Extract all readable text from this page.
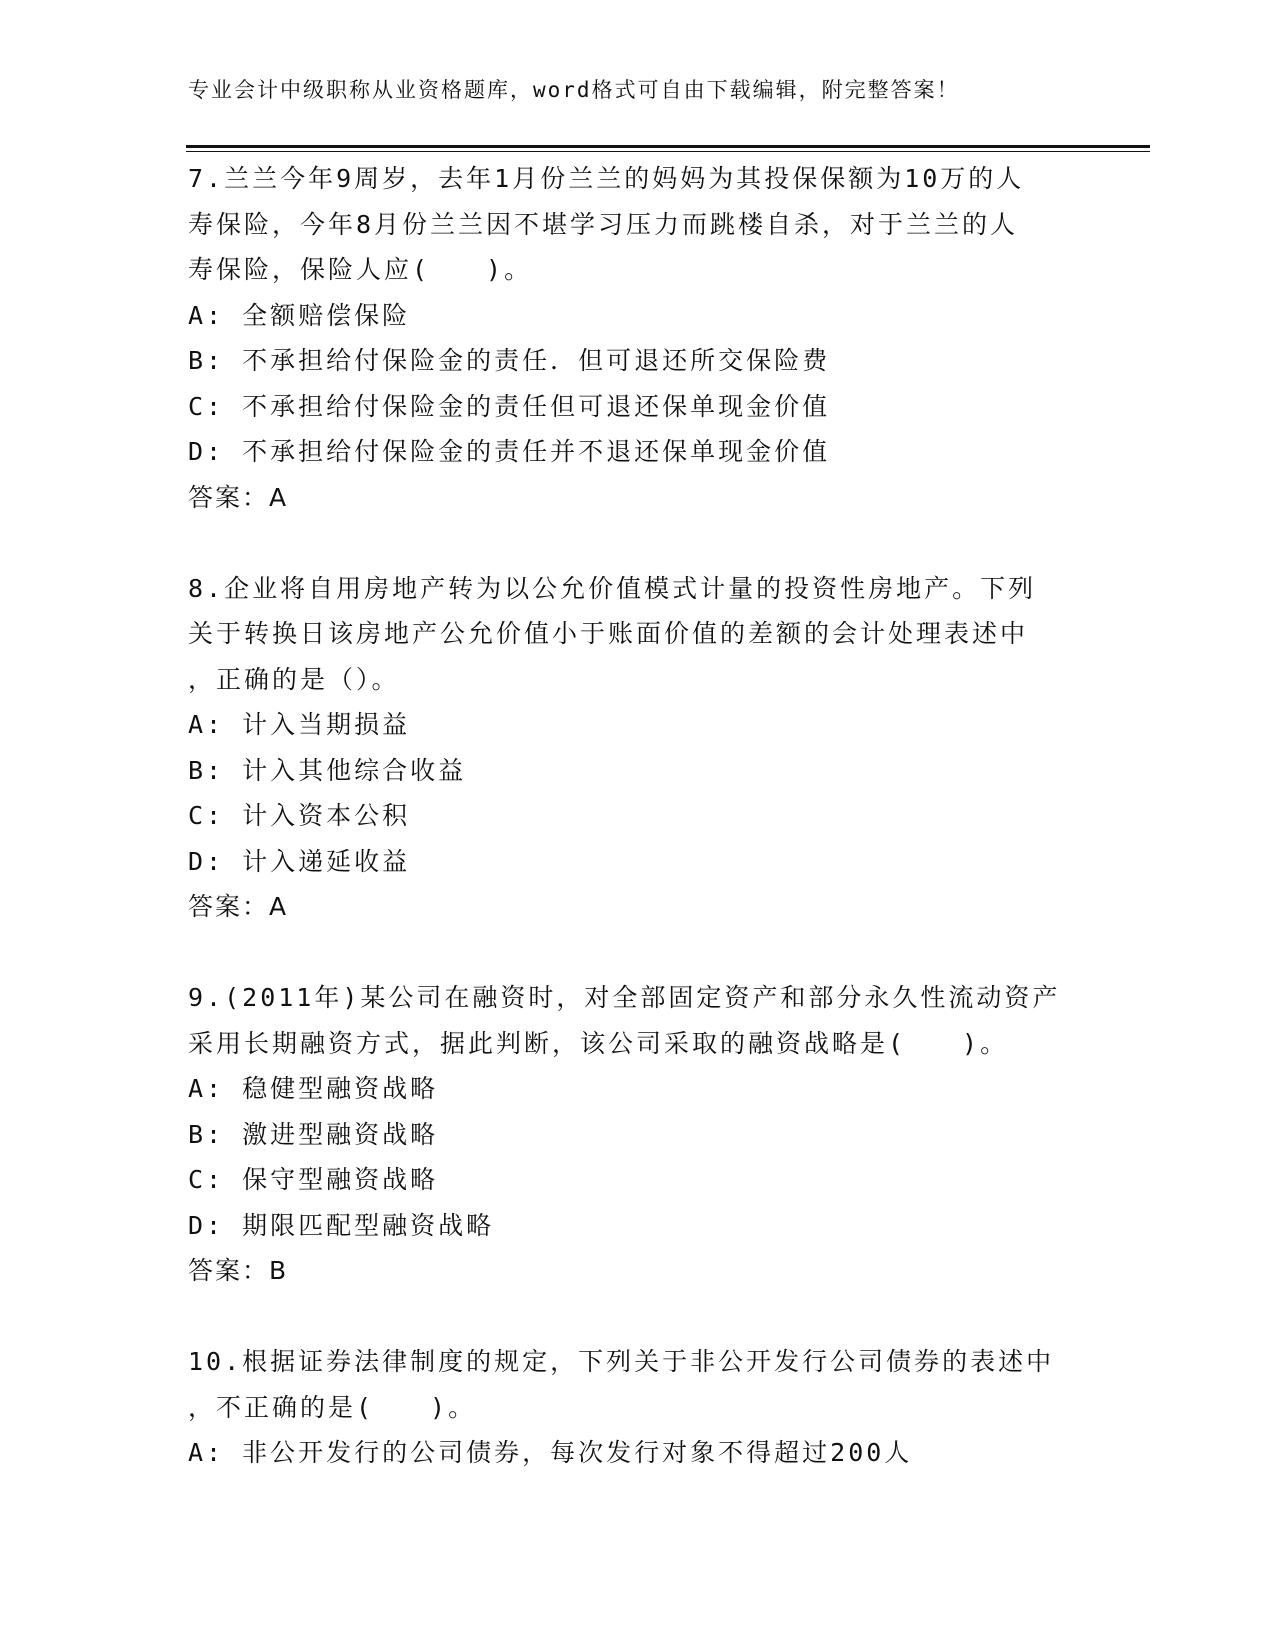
专业会计中级职称从业资格题库，word格式可自由下载编辑，附完整答案！
7.兰兰今年9周岁，去年1月份兰兰的妈妈为其投保保额为10万的人
寿保险，今年8月份兰兰因不堪学习压力而跳楼自杀，对于兰兰的人
寿保险，保险人应(　　)。
A: 全额赔偿保险
B: 不承担给付保险金的责任．但可退还所交保险费
C: 不承担给付保险金的责任但可退还保单现金价值
D: 不承担给付保险金的责任并不退还保单现金价值
答案：A
8.企业将自用房地产转为以公允价值模式计量的投资性房地产。下列
关于转换日该房地产公允价值小于账面价值的差额的会计处理表述中
，正确的是（）。
A: 计入当期损益
B: 计入其他综合收益
C: 计入资本公积
D: 计入递延收益
答案：A
9.(2011年)某公司在融资时，对全部固定资产和部分永久性流动资产
采用长期融资方式，据此判断，该公司采取的融资战略是(　　)。
A: 稳健型融资战略
B: 激进型融资战略
C: 保守型融资战略
D: 期限匹配型融资战略
答案：B
10.根据证券法律制度的规定，下列关于非公开发行公司债券的表述中
，不正确的是(　　)。
A: 非公开发行的公司债券，每次发行对象不得超过200人
